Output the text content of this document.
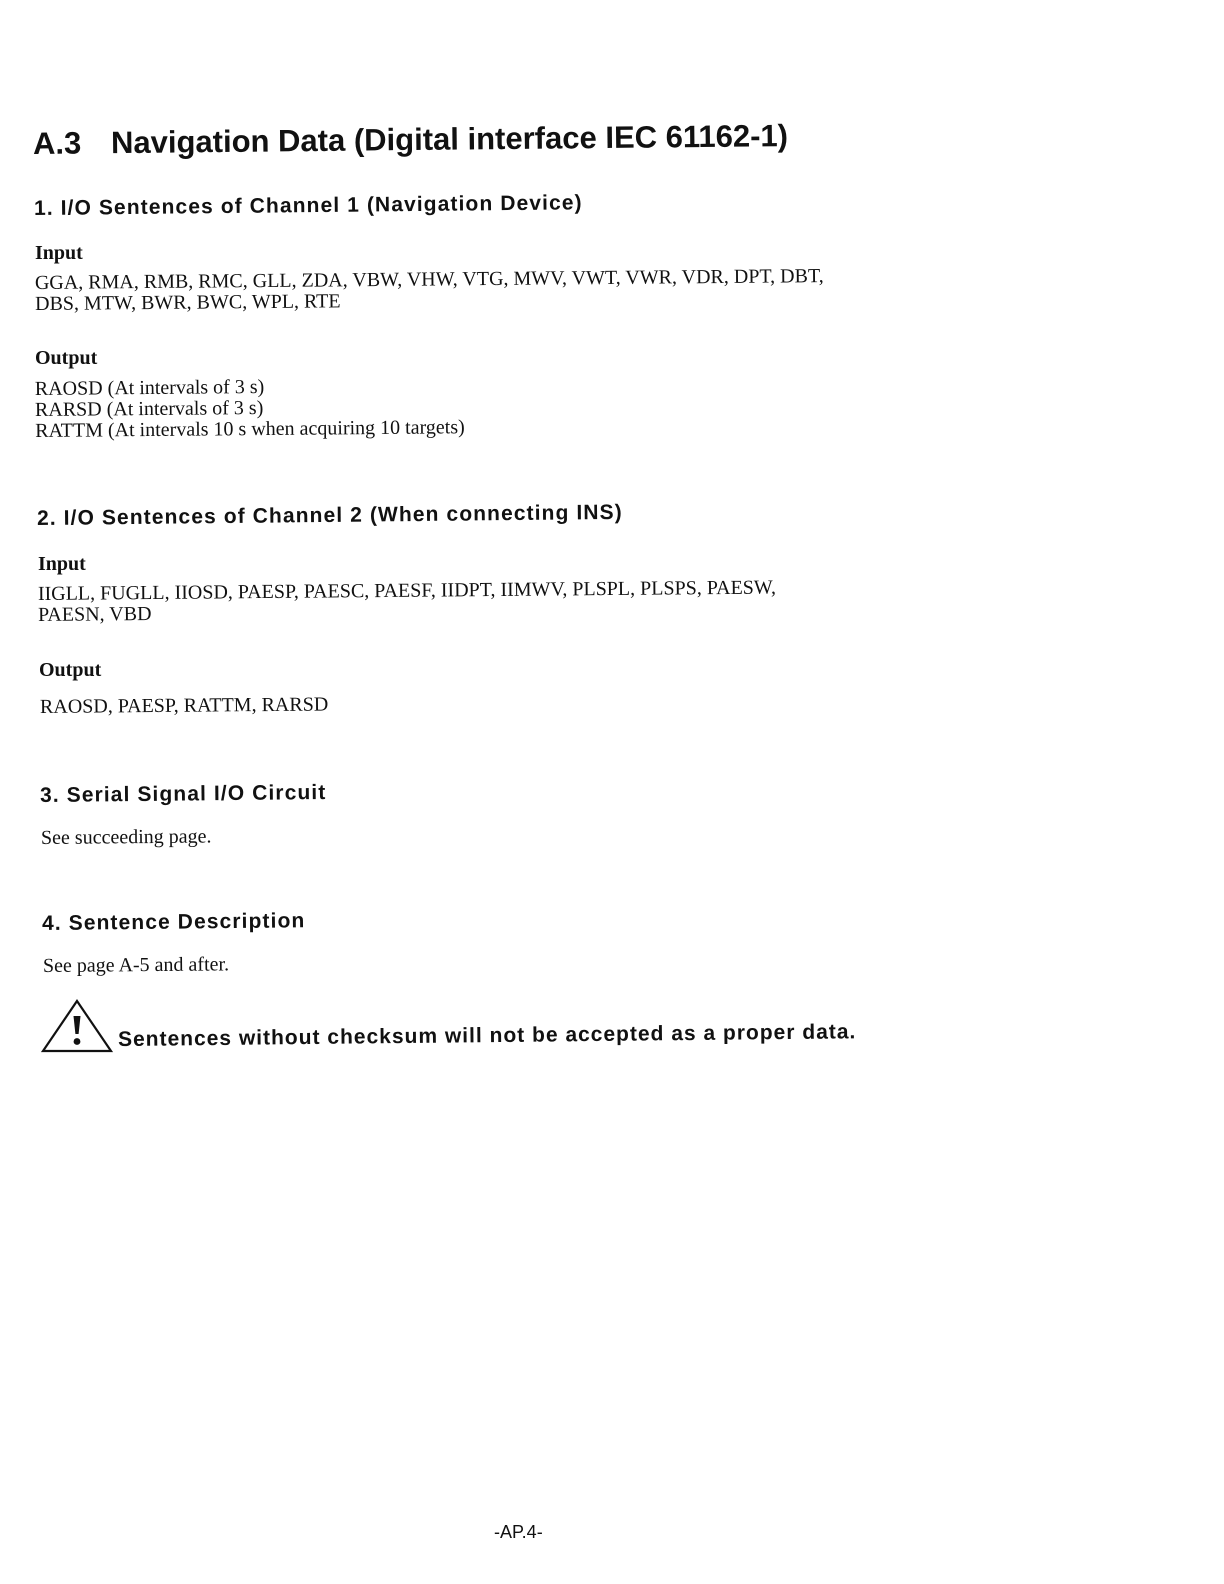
A.3 Navigation Data (Digital interface IEC 61162-1)
1. I/O Sentences of Channel 1 (Navigation Device)
Input
GGA, RMA, RMB, RMC, GLL, ZDA, VBW, VHW, VTG, MWV, VWT, VWR, VDR, DPT, DBT,
DBS, MTW, BWR, BWC, WPL, RTE
Output
RAOSD (At intervals of 3 s)
RARSD (At intervals of 3 s)
RATTM (At intervals 10 s when acquiring 10 targets)
2. I/O Sentences of Channel 2 (When connecting INS)
Input
IIGLL, FUGLL, IIOSD, PAESP, PAESC, PAESF, IIDPT, IIMWV, PLSPL, PLSPS, PAESW,
PAESN, VBD
Output
RAOSD, PAESP, RATTM, RARSD
3. Serial Signal I/O Circuit
See succeeding page.
4. Sentence Description
See page A-5 and after.
Sentences without checksum will not be accepted as a proper data.
-AP.4-
